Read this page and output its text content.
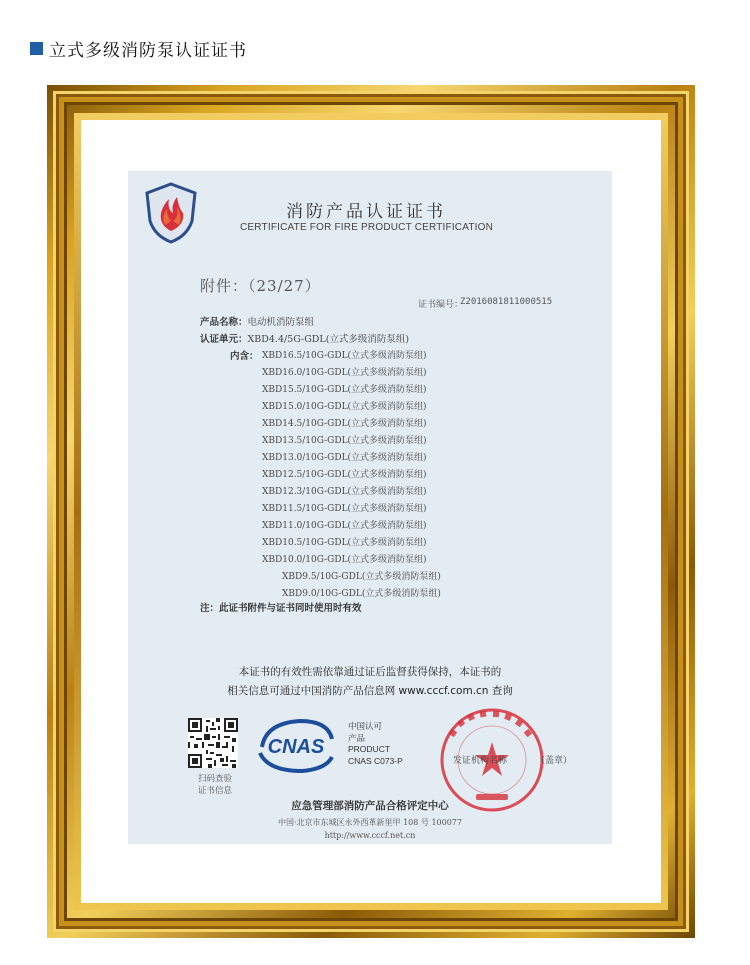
立式多级消防泵认证证书
消防产品认证证书
CERTIFICATE FOR FIRE PRODUCT CERTIFICATION
附件：（23/27）
证书编号：
Z2016081811000515
产品名称：电动机消防泵组
认证单元：XBD4.4/5G-GDL(立式多级消防泵组)
内含： XBD16.5/10G-GDL(立式多级消防泵组)
XBD16.0/10G-GDL(立式多级消防泵组)
XBD15.5/10G-GDL(立式多级消防泵组)
XBD15.0/10G-GDL(立式多级消防泵组)
XBD14.5/10G-GDL(立式多级消防泵组)
XBD13.5/10G-GDL(立式多级消防泵组)
XBD13.0/10G-GDL(立式多级消防泵组)
XBD12.5/10G-GDL(立式多级消防泵组)
XBD12.3/10G-GDL(立式多级消防泵组)
XBD11.5/10G-GDL(立式多级消防泵组)
XBD11.0/10G-GDL(立式多级消防泵组)
XBD10.5/10G-GDL(立式多级消防泵组)
XBD10.0/10G-GDL(立式多级消防泵组)
XBD9.5/10G-GDL(立式多级消防泵组)
XBD9.0/10G-GDL(立式多级消防泵组)
注：此证书附件与证书同时使用时有效
本证书的有效性需依靠通过证后监督获得保持，本证书的
相关信息可通过中国消防产品信息网 www.cccf.com.cn 查询
扫码查验
证书信息
CNAS
中国认可
产品
PRODUCT
CNAS C073-P	发证机构名称	（盖章）
应急管理部消防产品合格评定中心
中国·北京市东城区永外西革新里甲 108 号 100077
http://www.cccf.net.cn
